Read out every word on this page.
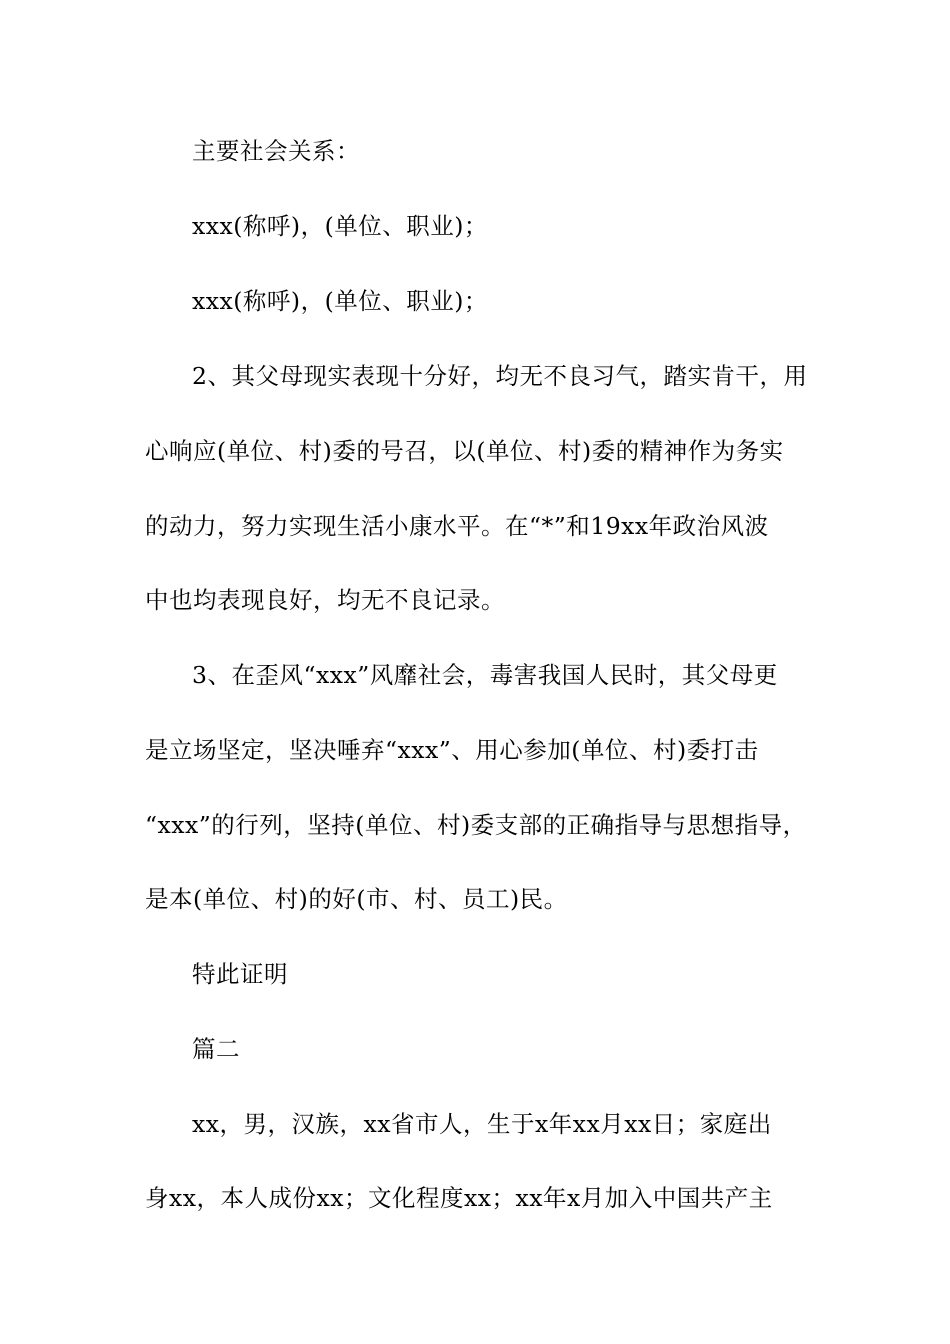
主要社会关系：
xxx(称呼)，(单位、职业)；
xxx(称呼)，(单位、职业)；
2、其父母现实表现十分好，均无不良习气，踏实肯干，用
心响应(单位、村)委的号召，以(单位、村)委的精神作为务实
的动力，努力实现生活小康水平。在“*”和19xx年政治风波
中也均表现良好，均无不良记录。
3、在歪风“xxx”风靡社会，毒害我国人民时，其父母更
是立场坚定，坚决唾弃“xxx”、用心参加(单位、村)委打击
“xxx”的行列，坚持(单位、村)委支部的正确指导与思想指导，
是本(单位、村)的好(市、村、员工)民。
特此证明
篇二
xx，男，汉族，xx省市人，生于x年xx月xx日；家庭出
身xx，本人成份xx；文化程度xx；xx年x月加入中国共产主
